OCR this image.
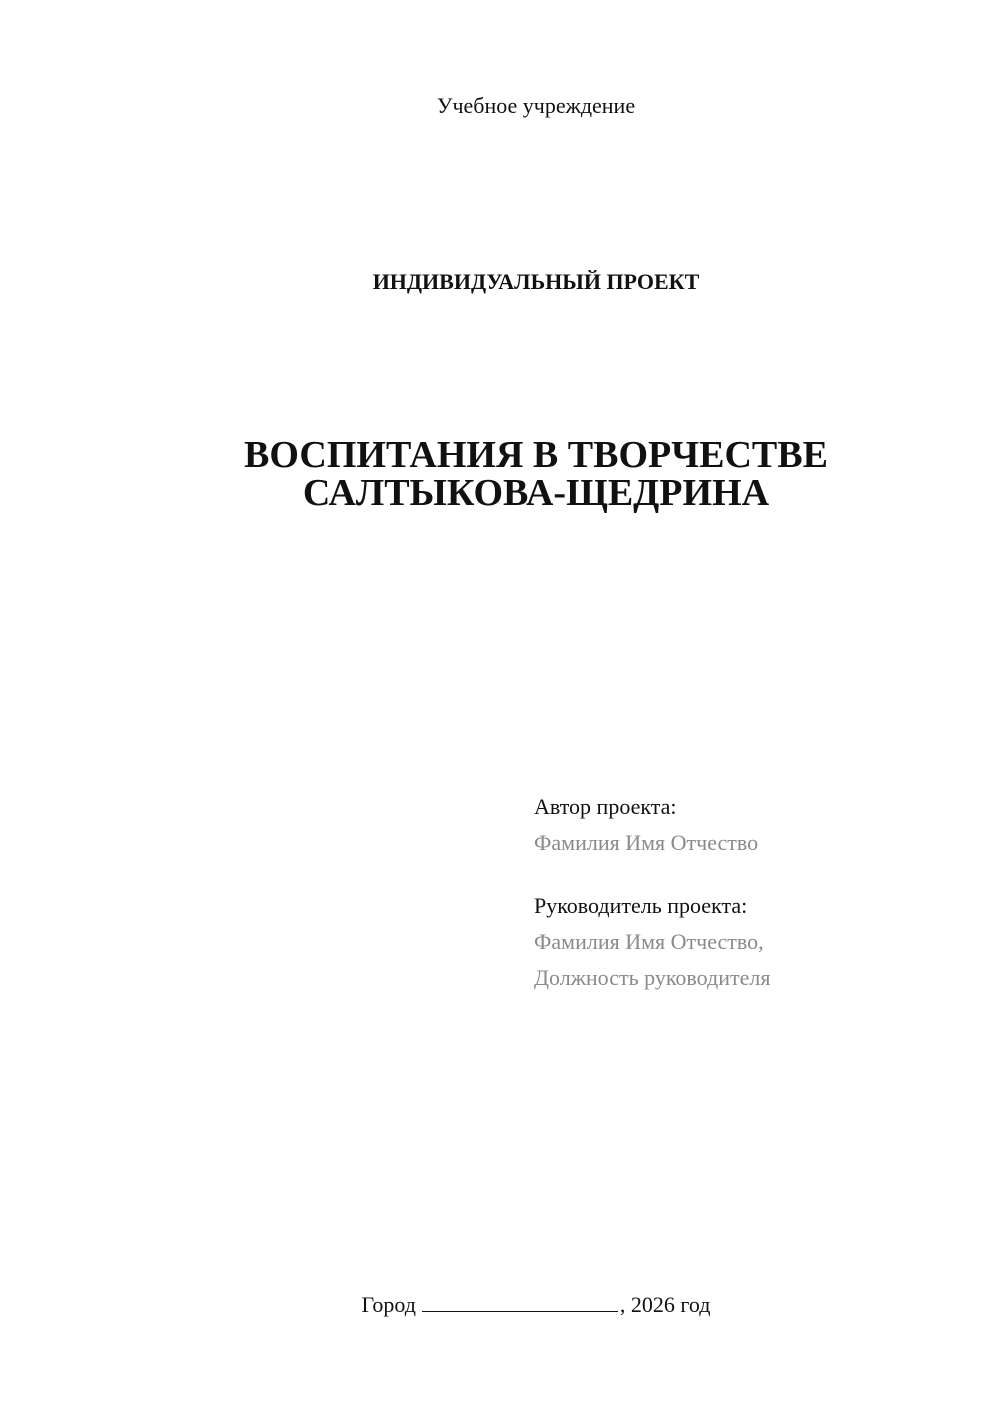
Учебное учреждение
ИНДИВИДУАЛЬНЫЙ ПРОЕКТ
ВОСПИТАНИЯ В ТВОРЧЕСТВЕ
САЛТЫКОВА-ЩЕДРИНА
Автор проекта:
Фамилия Имя Отчество
Руководитель проекта:
Фамилия Имя Отчество,
Должность руководителя
Город	, 2026 год
